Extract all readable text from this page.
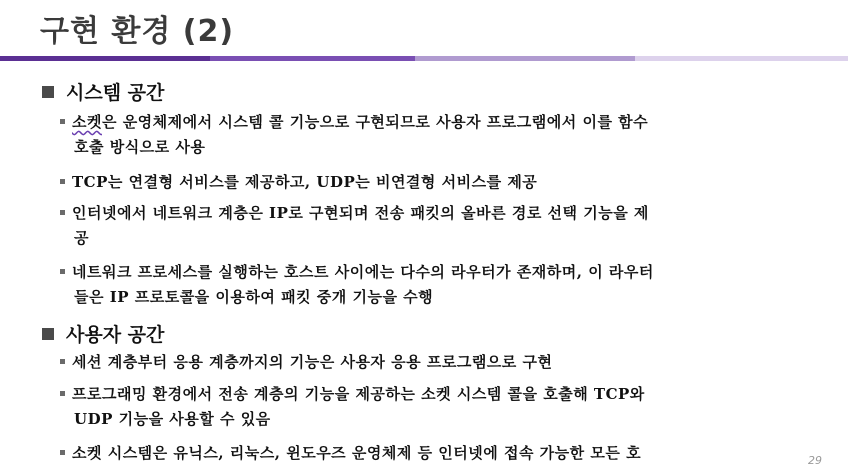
구현 환경 (2)
시스템 공간
소켓은 운영체제에서 시스템 콜 기능으로 구현되므로 사용자 프로그램에서 이를 함수
호출 방식으로 사용
TCP는 연결형 서비스를 제공하고, UDP는 비연결형 서비스를 제공
인터넷에서 네트워크 계층은 IP로 구현되며 전송 패킷의 올바른 경로 선택 기능을 제
공
네트워크 프로세스를 실행하는 호스트 사이에는 다수의 라우터가 존재하며, 이 라우터
들은 IP 프로토콜을 이용하여 패킷 중개 기능을 수행
사용자 공간
세션 계층부터 응용 계층까지의 기능은 사용자 응용 프로그램으로 구현
프로그래밍 환경에서 전송 계층의 기능을 제공하는 소켓 시스템 콜을 호출해 TCP와
UDP 기능을 사용할 수 있음
소켓 시스템은 유닉스, 리눅스, 윈도우즈 운영체제 등 인터넷에 접속 가능한 모든 호	29
